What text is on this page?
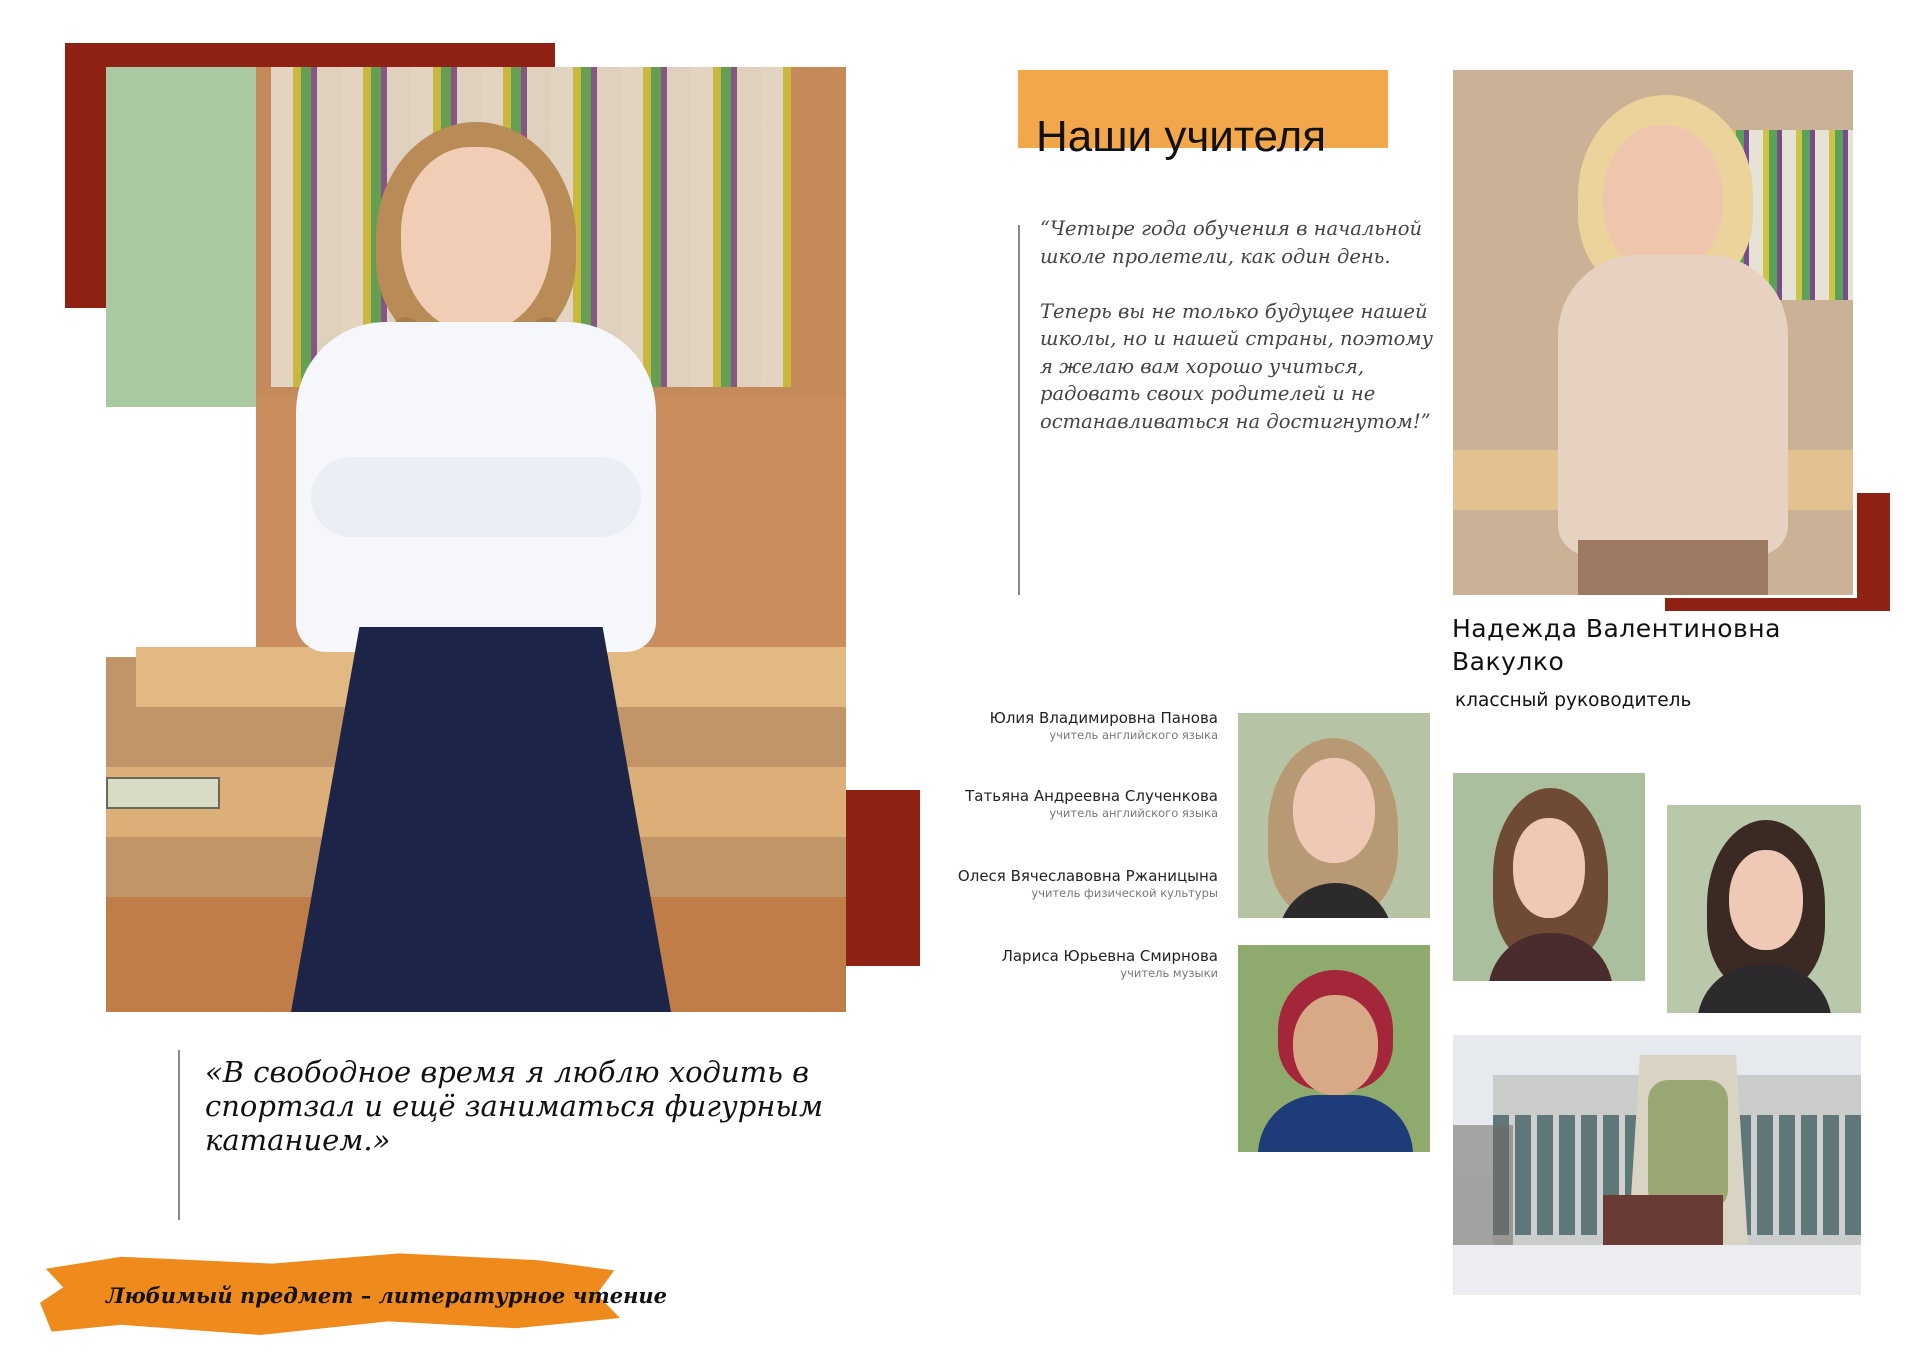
«В свободное время я люблю ходить в спортзал и ещё заниматься фигурным катанием.»
Любимый предмет – литературное чтение
Наши учителя
“Четыре года обучения в начальной школе пролетели, как один день.

Теперь вы не только будущее нашей школы, но и нашей страны, поэтому я желаю вам хорошо учиться, радовать своих родителей и не останавливаться на достигнутом!”
Надежда Валентиновна Вакулко
классный руководитель
Юлия Владимировна Панова
учитель английского языка
Татьяна Андреевна Слученкова
учитель английского языка
Олеся Вячеславовна Ржаницына
учитель физической культуры
Лариса Юрьевна Смирнова
учитель музыки
